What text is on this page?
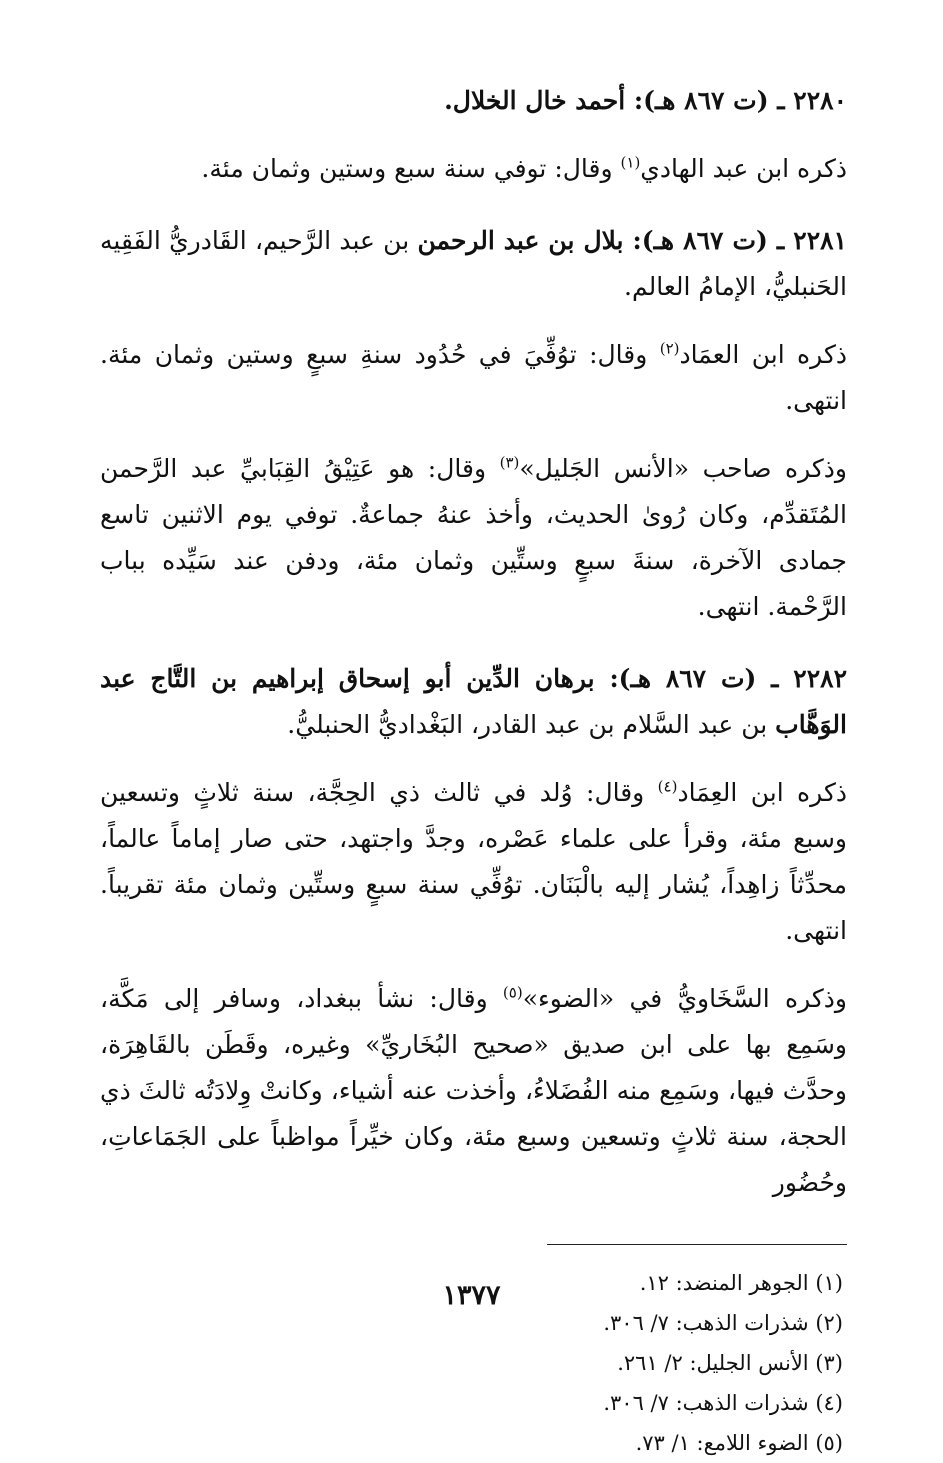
٢٢٨٠ ـ (ت ٨٦٧ هـ): أحمد خال الخلال.

ذكره ابن عبد الهادي$^{(١)}$ وقال: توفي سنة سبع وستين وثمان مئة.

٢٢٨١ ـ (ت ٨٦٧ هـ): بلال بن عبد الرحمن بن عبد الرَّحيم، القَادريُّ الفَقِيه الحَنبليُّ، الإمامُ العالم.

ذكره ابن العمَاد$^{(٢)}$ وقال: توُفِّيَ في حُدُود سنةِ سبعٍ وستين وثمان مئة. انتهى.

وذكره صاحب «الأنس الجَليل»$^{(٣)}$ وقال: هو عَتِيْقُ القِبَابيِّ عبد الرَّحمن المُتَقدِّم، وكان رُوىٰ الحديث، وأخذ عنهُ جماعةٌ. توفي يوم الاثنين تاسع جمادى الآخرة، سنةَ سبعٍ وستِّين وثمان مئة، ودفن عند سَيِّده بباب الرَّحْمة. انتهى.

٢٢٨٢ ـ (ت ٨٦٧ هـ): برهان الدِّين أبو إسحاق إبراهيم بن التَّاج عبد الوَهَّاب بن عبد السَّلام بن عبد القادر، البَغْداديُّ الحنبليُّ.

ذكره ابن العِمَاد$^{(٤)}$ وقال: وُلد في ثالث ذي الحِجَّة، سنة ثلاثٍ وتسعين وسبع مئة، وقرأ على علماء عَصْره، وجدَّ واجتهد، حتى صار إماماً عالماً، محدِّثاً زاهِداً، يُشار إليه بالْبَنَان. توُفِّي سنة سبعٍ وستِّين وثمان مئة تقريباً. انتهى.

وذكره السَّخَاويُّ في «الضوء»$^{(٥)}$ وقال: نشأ ببغداد، وسافر إلى مَكَّة، وسَمِع بها على ابن صديق «صحيح البُخَاريِّ» وغيره، وقَطَن بالقَاهِرَة، وحدَّث فيها، وسَمِع منه الفُضَلاءُ، وأخذت عنه أشياء، وكانتْ وِلادَتُه ثالثَ ذي الحجة، سنة ثلاثٍ وتسعين وسبع مئة، وكان خيِّراً مواظباً على الجَمَاعاتِ، وحُضُور

(١) الجوهر المنضد: ١٢.
(٢) شذرات الذهب: ٧/ ٣٠٦.
(٣) الأنس الجليل: ٢/ ٢٦١.
(٤) شذرات الذهب: ٧/ ٣٠٦.
(٥) الضوء اللامع: ١/ ٧٣.
١٣٧٧
